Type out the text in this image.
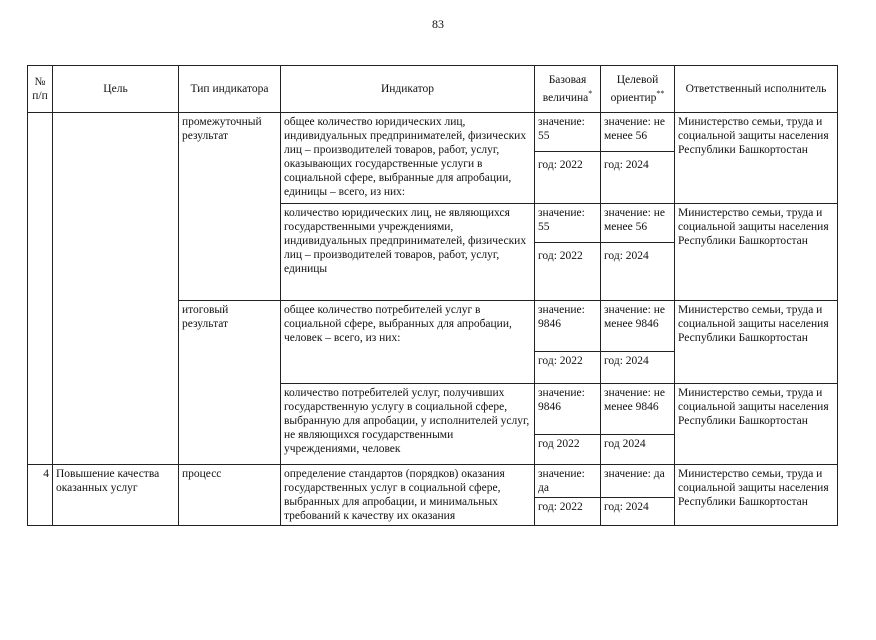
83
№ п/п	Цель	Тип индикатора	Индикатор	Базовая величина*	Целевой ориентир**	Ответственный исполнитель
		промежуточный результат	общее количество юридических лиц, индивидуальных предпринимателей, физических лиц – производителей товаров, работ, услуг, оказывающих государственные услуги в социальной сфере, выбранные для апробации, единицы – всего, из них:	значение: 55	значение: не менее 56	Министерство семьи, труда и социальной защиты населения Республики Башкортостан
				год: 2022	год: 2024	
			количество юридических лиц, не являющихся государственными учреждениями, индивидуальных предпринимателей, физических лиц – производителей товаров, работ, услуг, единицы	значение: 55	значение: не менее 56	Министерство семьи, труда и социальной защиты населения Республики Башкортостан
				год: 2022	год: 2024	
		итоговый результат	общее количество потребителей услуг в социальной сфере, выбранных для апробации, человек – всего, из них:	значение: 9846	значение: не менее 9846	Министерство семьи, труда и социальной защиты населения Республики Башкортостан
				год: 2022	год: 2024	
			количество потребителей услуг, получивших государственную услугу в социальной сфере, выбранную для апробации, у исполнителей услуг, не являющихся государственными учреждениями, человек	значение: 9846	значение: не менее 9846	Министерство семьи, труда и социальной защиты населения Республики Башкортостан
				год 2022	год 2024	
4	Повышение качества оказанных услуг	процесс	определение стандартов (порядков) оказания государственных услуг в социальной сфере, выбранных для апробации, и минимальных требований к качеству их оказания	значение: да	значение: да	Министерство семьи, труда и социальной защиты населения Республики Башкортостан
				год: 2022	год: 2024	
